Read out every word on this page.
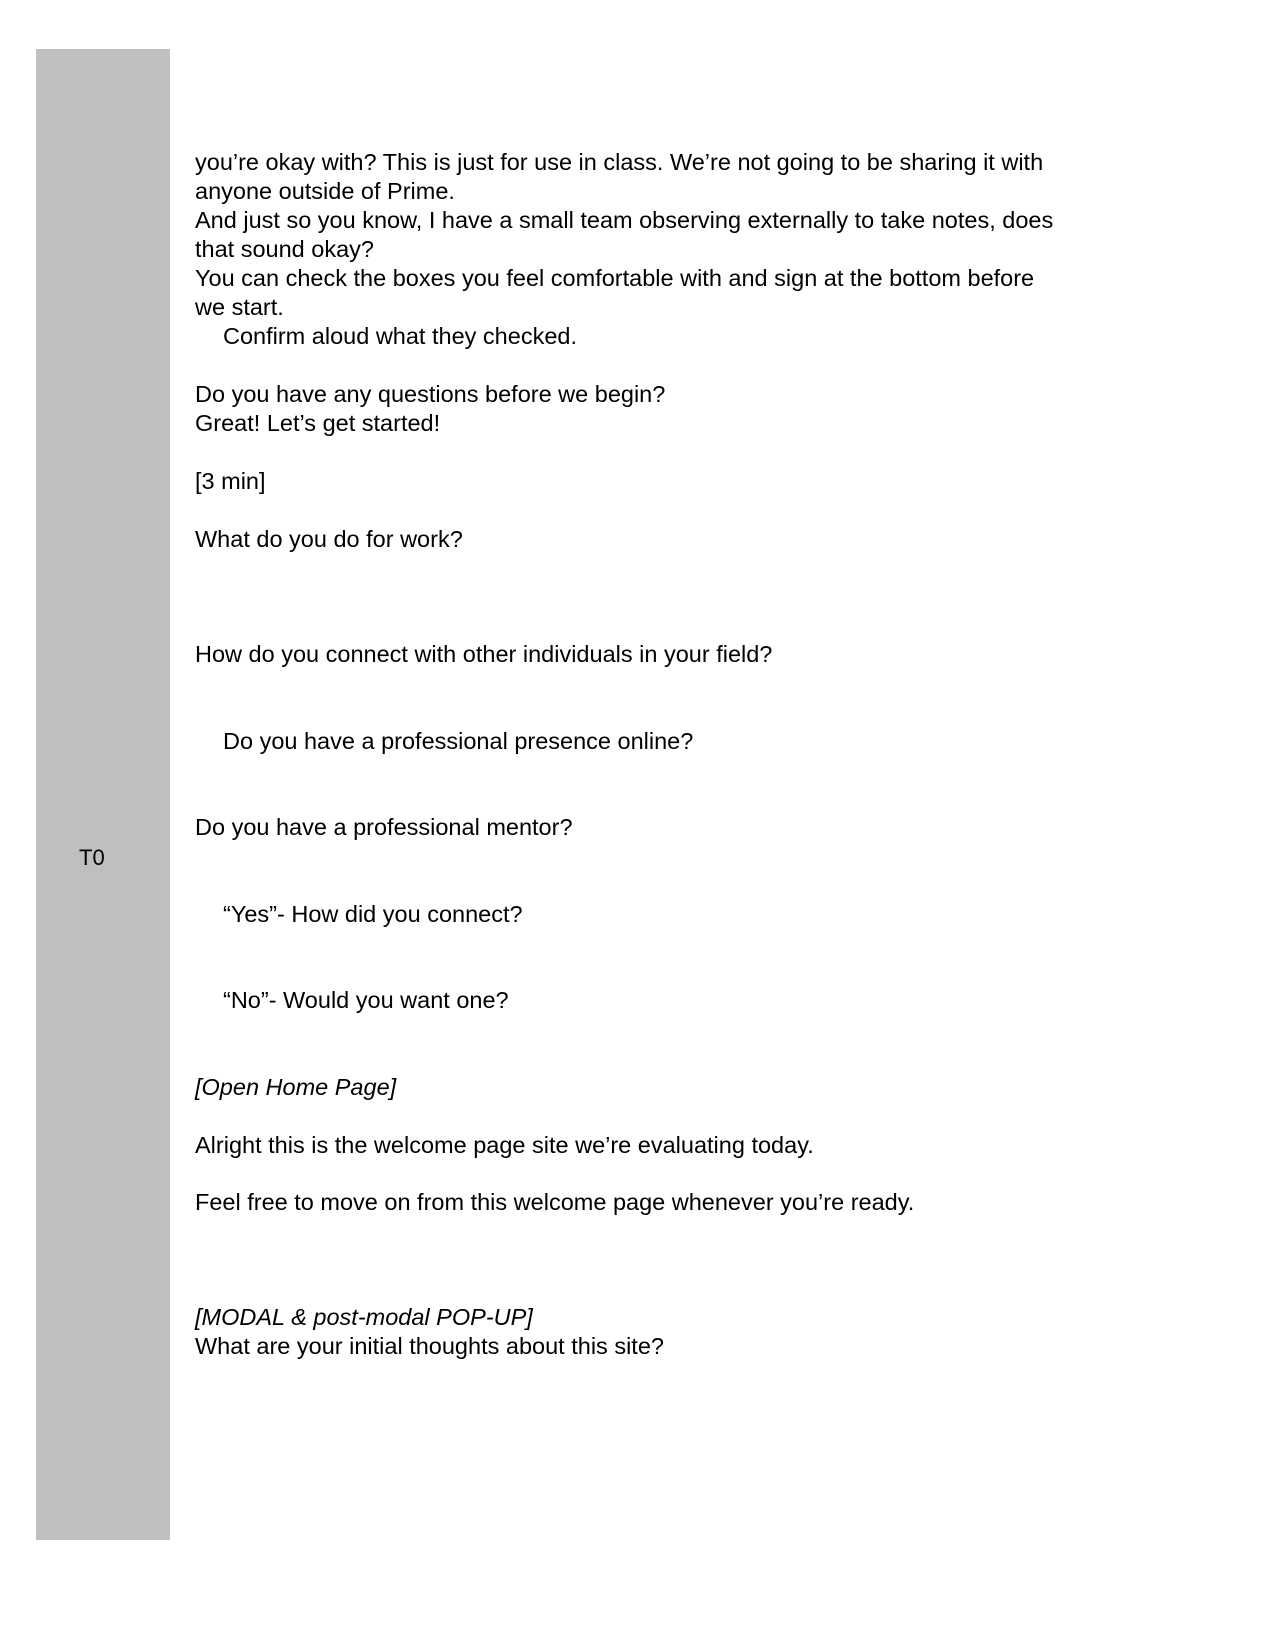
T0
you’re okay with? This is just for use in class. We’re not going to be sharing it with
anyone outside of Prime.
And just so you know, I have a small team observing externally to take notes, does
that sound okay?
You can check the boxes you feel comfortable with and sign at the bottom before
we start.
Confirm aloud what they checked.
Do you have any questions before we begin?
Great! Let’s get started!
[3 min]
What do you do for work?
How do you connect with other individuals in your field?
Do you have a professional presence online?
Do you have a professional mentor?
“Yes”- How did you connect?
“No”- Would you want one?
[Open Home Page]
Alright this is the welcome page site we’re evaluating today.
Feel free to move on from this welcome page whenever you’re ready.
[MODAL & post-modal POP-UP]
What are your initial thoughts about this site?
